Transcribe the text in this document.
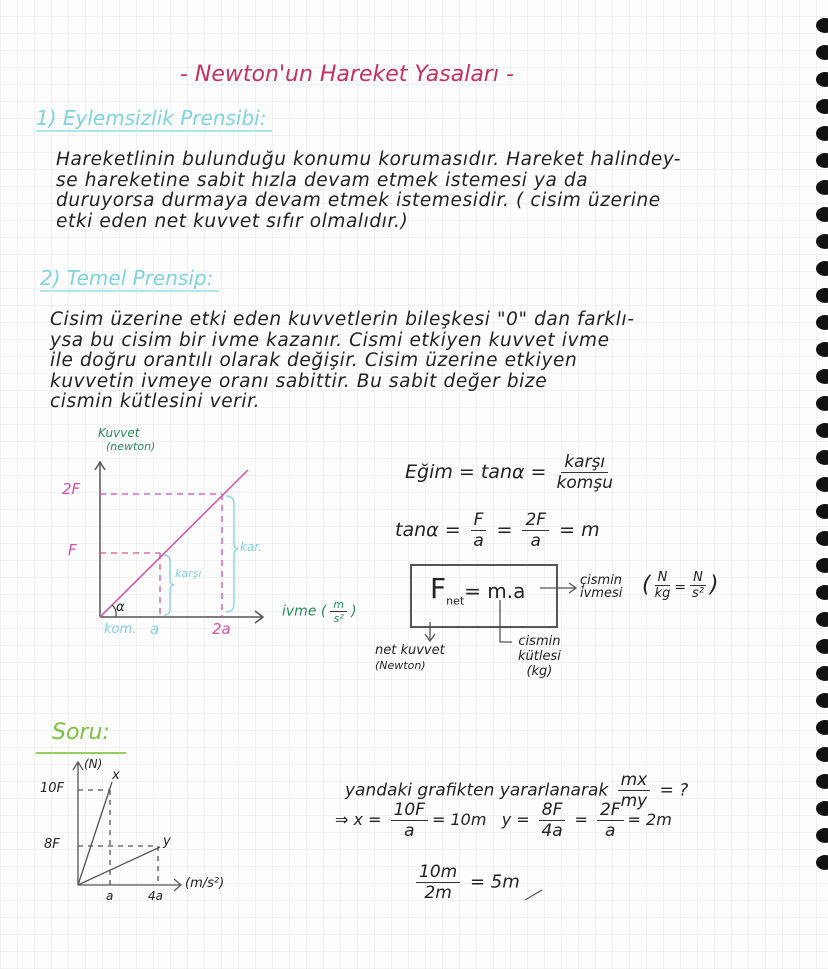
- Newton'un Hareket Yasaları -
1) Eylemsizlik Prensibi:
Hareketlinin bulunduğu konumu korumasıdır. Hareket halindey-
se hareketine sabit hızla devam etmek istemesi ya da
duruyorsa durmaya devam etmek istemesidir. ( cisim üzerine
etki eden net kuvvet sıfır olmalıdır.)
2) Temel Prensip:
Cisim üzerine etki eden kuvvetlerin bileşkesi "0" dan farklı-
ysa bu cisim bir ivme kazanır. Cismi etkiyen kuvvet ivme
ile doğru orantılı olarak değişir. Cisim üzerine etkiyen
kuvvetin ivmeye oranı sabittir. Bu sabit değer bize
cismin kütlesini verir.
Kuvvet
(newton)
2F
F
kom. a	2a
karşı
kar.
α	ivme ( $\frac{m}{\text{s²}}$ )
Eğim = $\tan\alpha = \frac{\text{karşı}}{\text{komşu}}$
$\tan\alpha = \frac{F}{a} = \frac{2F}{a} = m$
$F_{net}= m.a$	çismin
ivmesi ( $\frac{N}{kg} = \frac{N}{\text{s²}}$ )
net kuvvet
(Newton)
cismin
kütlesi
(kg)
Soru:
(N)
10F
8F
a	4a
x
y
(m/s²)
yandaki grafikten yararlanarak $\frac{mx}{my}$ = ?
⇒ $x = \frac{10F}{a} = 10m$ $y = \frac{8F}{4a} = \frac{2F}{a} = 2m$
$\frac{10m}{2m} = 5m$
